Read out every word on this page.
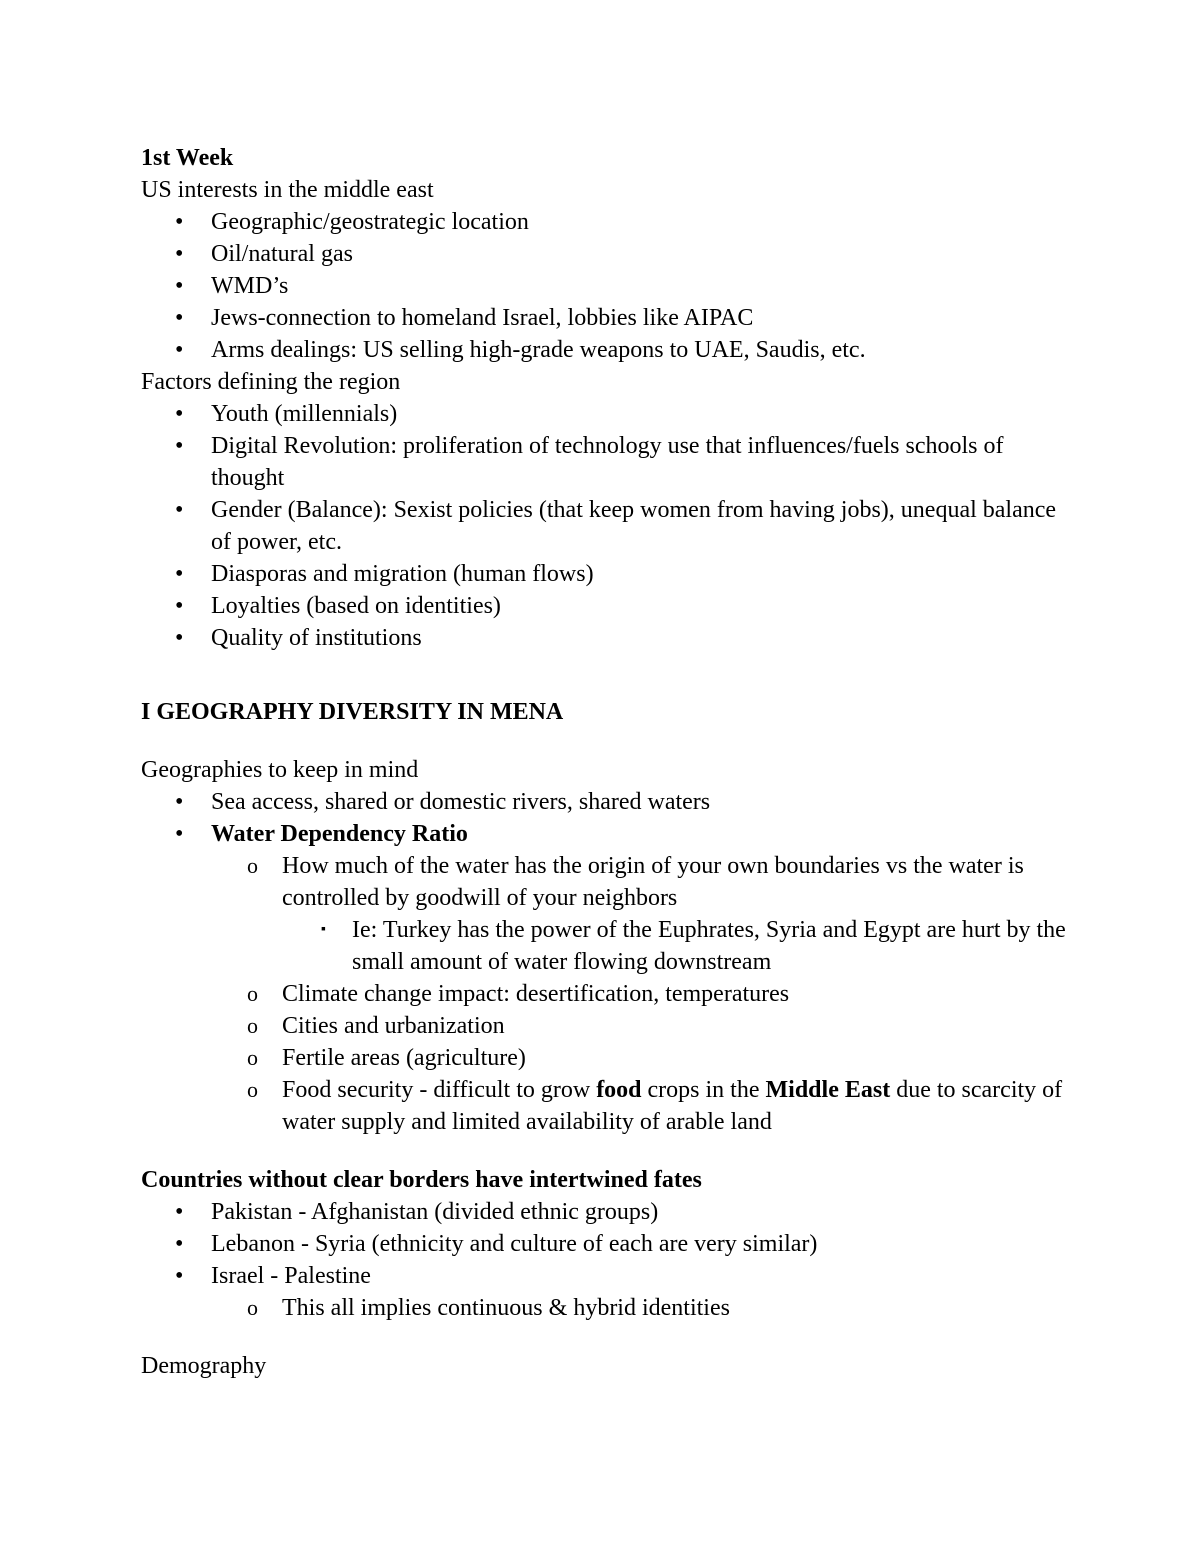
1st Week
US interests in the middle east
• Geographic/geostrategic location
• Oil/natural gas
• WMD’s
• Jews-connection to homeland Israel, lobbies like AIPAC
• Arms dealings: US selling high-grade weapons to UAE, Saudis, etc.
Factors defining the region
• Youth (millennials)
• Digital Revolution: proliferation of technology use that influences/fuels schools of thought
• Gender (Balance): Sexist policies (that keep women from having jobs), unequal balance of power, etc.
• Diasporas and migration (human flows)
• Loyalties (based on identities)
• Quality of institutions
I GEOGRAPHY DIVERSITY IN MENA
Geographies to keep in mind
• Sea access, shared or domestic rivers, shared waters
• Water Dependency Ratio
o How much of the water has the origin of your own boundaries vs the water is controlled by goodwill of your neighbors
▪ Ie: Turkey has the power of the Euphrates, Syria and Egypt are hurt by the small amount of water flowing downstream
o Climate change impact: desertification, temperatures
o Cities and urbanization
o Fertile areas (agriculture)
o Food security - difficult to grow food crops in the Middle East due to scarcity of water supply and limited availability of arable land
Countries without clear borders have intertwined fates
• Pakistan - Afghanistan (divided ethnic groups)
• Lebanon - Syria (ethnicity and culture of each are very similar)
• Israel - Palestine
o This all implies continuous & hybrid identities
Demography
